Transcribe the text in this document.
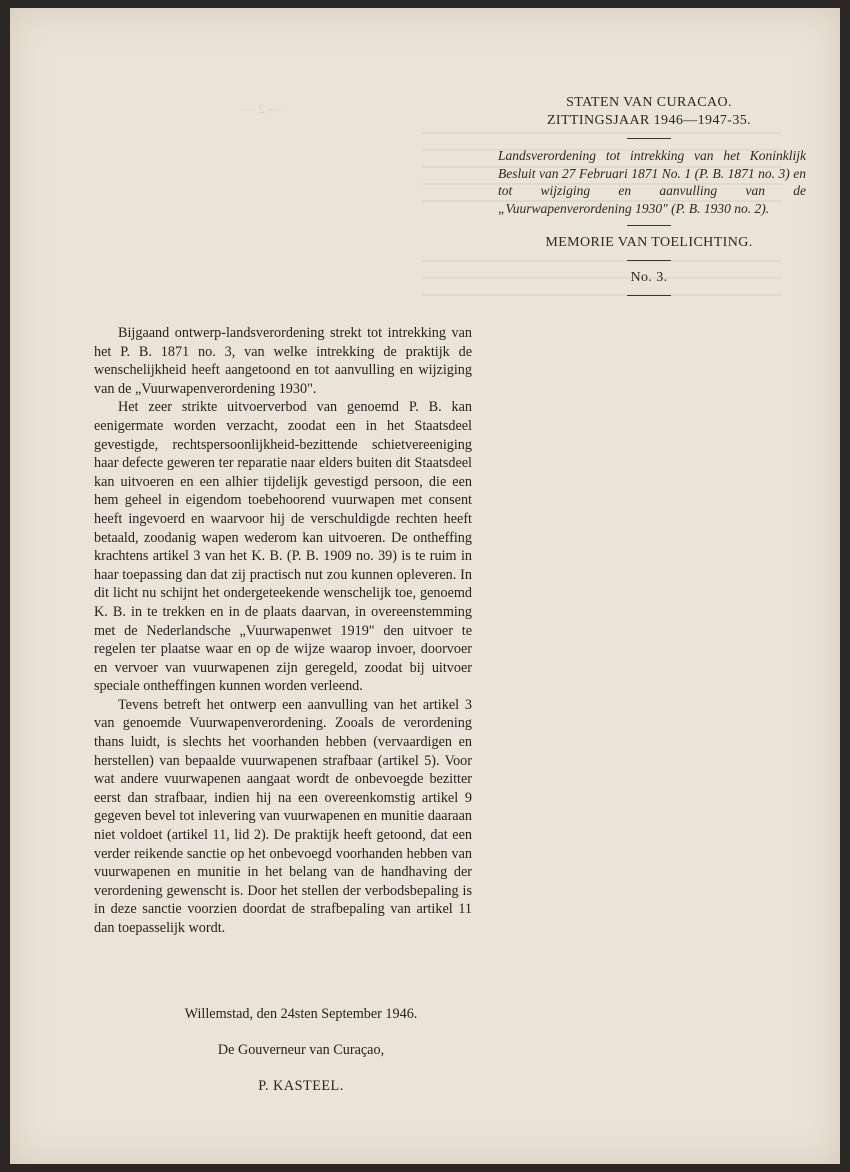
— 2 —	STATEN VAN CURACAO.
ZITTINGSJAAR 1946—1947-35.
Landsverordening tot intrekking van het Koninklijk Besluit van 27 Februari 1871 No. 1 (P. B. 1871 no. 3) en tot wijziging en aanvulling van de „Vuurwapenverordening 1930" (P. B. 1930 no. 2).
MEMORIE VAN TOELICHTING.
No. 3.

Bijgaand ontwerp-landsverordening strekt tot intrekking van het P. B. 1871 no. 3, van welke intrekking de praktijk de wenschelijkheid heeft aangetoond en tot aanvulling en wijziging van de „Vuurwapenverordening 1930".

Het zeer strikte uitvoerverbod van genoemd P. B. kan eenigermate worden verzacht, zoodat een in het Staatsdeel gevestigde, rechtspersoonlijkheid-bezittende schietvereeniging haar defecte geweren ter reparatie naar elders buiten dit Staatsdeel kan uitvoeren en een alhier tijdelijk gevestigd persoon, die een hem geheel in eigendom toebehoorend vuurwapen met consent heeft ingevoerd en waarvoor hij de verschuldigde rechten heeft betaald, zoodanig wapen wederom kan uitvoeren. De ontheffing krachtens artikel 3 van het K. B. (P. B. 1909 no. 39) is te ruim in haar toepassing dan dat zij practisch nut zou kunnen opleveren. In dit licht nu schijnt het ondergeteekende wenschelijk toe, genoemd K. B. in te trekken en in de plaats daarvan, in overeenstemming met de Nederlandsche „Vuurwapenwet 1919" den uitvoer te regelen ter plaatse waar en op de wijze waarop invoer, doorvoer en vervoer van vuurwapenen zijn geregeld, zoodat bij uitvoer speciale ontheffingen kunnen worden verleend.

Tevens betreft het ontwerp een aanvulling van het artikel 3 van genoemde Vuurwapenverordening. Zooals de verordening thans luidt, is slechts het voorhanden hebben (vervaardigen en herstellen) van bepaalde vuurwapenen strafbaar (artikel 5). Voor wat andere vuurwapenen aangaat wordt de onbevoegde bezitter eerst dan strafbaar, indien hij na een overeenkomstig artikel 9 gegeven bevel tot inlevering van vuurwapenen en munitie daaraan niet voldoet (artikel 11, lid 2). De praktijk heeft getoond, dat een verder reikende sanctie op het onbevoegd voorhanden hebben van vuurwapenen en munitie in het belang van de handhaving der verordening gewenscht is. Door het stellen der verbodsbepaling is in deze sanctie voorzien doordat de strafbepaling van artikel 11 dan toepasselijk wordt.

Willemstad, den 24sten September 1946.
De Gouverneur van Curaçao,
P. KASTEEL.
